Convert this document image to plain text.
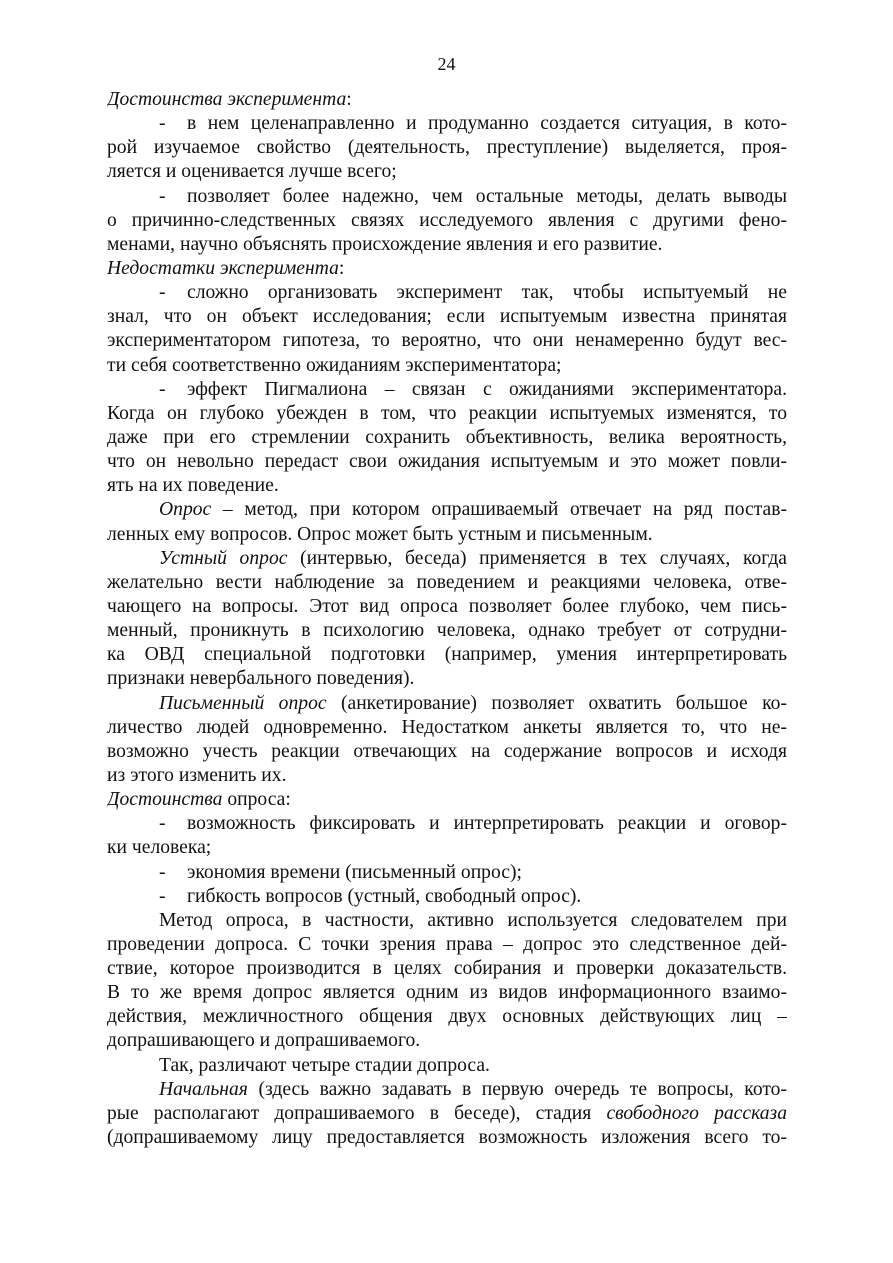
24
Достоинства эксперимента:
- в нем целенаправленно и продуманно создается ситуация, в кото-
рой изучаемое свойство (деятельность, преступление) выделяется, проя-
ляется и оценивается лучше всего;
- позволяет более надежно, чем остальные методы, делать выводы
о причинно-следственных связях исследуемого явления с другими фено-
менами, научно объяснять происхождение явления и его развитие.
Недостатки эксперимента:
- сложно организовать эксперимент так, чтобы испытуемый не
знал, что он объект исследования; если испытуемым известна принятая
экспериментатором гипотеза, то вероятно, что они ненамеренно будут вес-
ти себя соответственно ожиданиям экспериментатора;
- эффект Пигмалиона – связан с ожиданиями экспериментатора.
Когда он глубоко убежден в том, что реакции испытуемых изменятся, то
даже при его стремлении сохранить объективность, велика вероятность,
что он невольно передаст свои ожидания испытуемым и это может повли-
ять на их поведение.
Опрос – метод, при котором опрашиваемый отвечает на ряд постав-
ленных ему вопросов. Опрос может быть устным и письменным.
Устный опрос (интервью, беседа) применяется в тех случаях, когда
желательно вести наблюдение за поведением и реакциями человека, отве-
чающего на вопросы. Этот вид опроса позволяет более глубоко, чем пись-
менный, проникнуть в психологию человека, однако требует от сотрудни-
ка ОВД специальной подготовки (например, умения интерпретировать
признаки невербального поведения).
Письменный опрос (анкетирование) позволяет охватить большое ко-
личество людей одновременно. Недостатком анкеты является то, что не-
возможно учесть реакции отвечающих на содержание вопросов и исходя
из этого изменить их.
Достоинства опроса:
- возможность фиксировать и интерпретировать реакции и оговор-
ки человека;
- экономия времени (письменный опрос);
- гибкость вопросов (устный, свободный опрос).
Метод опроса, в частности, активно используется следователем при
проведении допроса. С точки зрения права – допрос это следственное дей-
ствие, которое производится в целях собирания и проверки доказательств.
В то же время допрос является одним из видов информационного взаимо-
действия, межличностного общения двух основных действующих лиц –
допрашивающего и допрашиваемого.
Так, различают четыре стадии допроса.
Начальная (здесь важно задавать в первую очередь те вопросы, кото-
рые располагают допрашиваемого в беседе), стадия свободного рассказа
(допрашиваемому лицу предоставляется возможность изложения всего то-
